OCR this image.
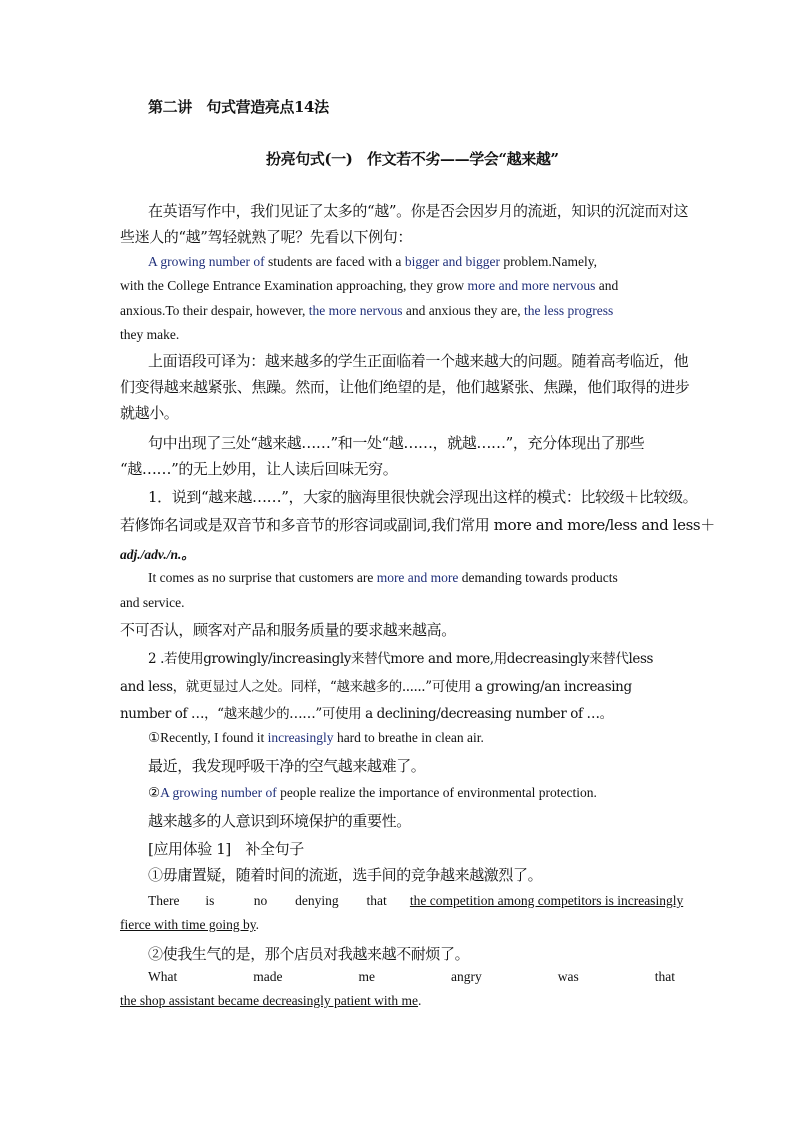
第二讲　句式营造亮点14法
扮亮句式(一)　作文若不劣——学会“越来越”
在英语写作中，我们见证了太多的“越”。你是否会因岁月的流逝，知识的沉淀而对这
些迷人的“越”驾轻就熟了呢？先看以下例句：
A growing number of students are faced with a bigger and bigger problem.Namely,
with the College Entrance Examination approaching, they grow more and more nervous and
anxious.To their despair, however, the more nervous and anxious they are, the less progress
they make.
上面语段可译为：越来越多的学生正面临着一个越来越大的问题。随着高考临近，他
们变得越来越紧张、焦躁。然而，让他们绝望的是，他们越紧张、焦躁，他们取得的进步
就越小。
句中出现了三处“越来越……”和一处“越……，就越……”，充分体现出了那些
“越……”的无上妙用，让人读后回味无穷。
1．说到“越来越……”，大家的脑海里很快就会浮现出这样的模式：比较级＋比较级。
若修饰名词或是双音节和多音节的形容词或副词,我们常用 more and more/less and less＋
adj./adv./n.。
It comes as no surprise that customers are more and more demanding towards products
and service.
不可否认，顾客对产品和服务质量的要求越来越高。
2 .若使用growingly/increasingly来替代more and more,用decreasingly来替代less
and less，就更显过人之处。同样，“越来越多的......”可使用 a growing/an increasing
number of …，“越来越少的……”可使用 a declining/decreasing number of …。
①Recently, I found it increasingly hard to breathe in clean air.
最近，我发现呼吸干净的空气越来越难了。
②A growing number of people realize the importance of environmental protection.
越来越多的人意识到环境保护的重要性。
[应用体验 1]　补全句子
①毋庸置疑，随着时间的流逝，选手间的竞争越来越激烈了。
There is	no denying that the competition among competitors is increasingly
fierce with time going by.
②使我生气的是，那个店员对我越来越不耐烦了。
What	made	me	angry	was	that
the shop assistant became decreasingly patient with me.
